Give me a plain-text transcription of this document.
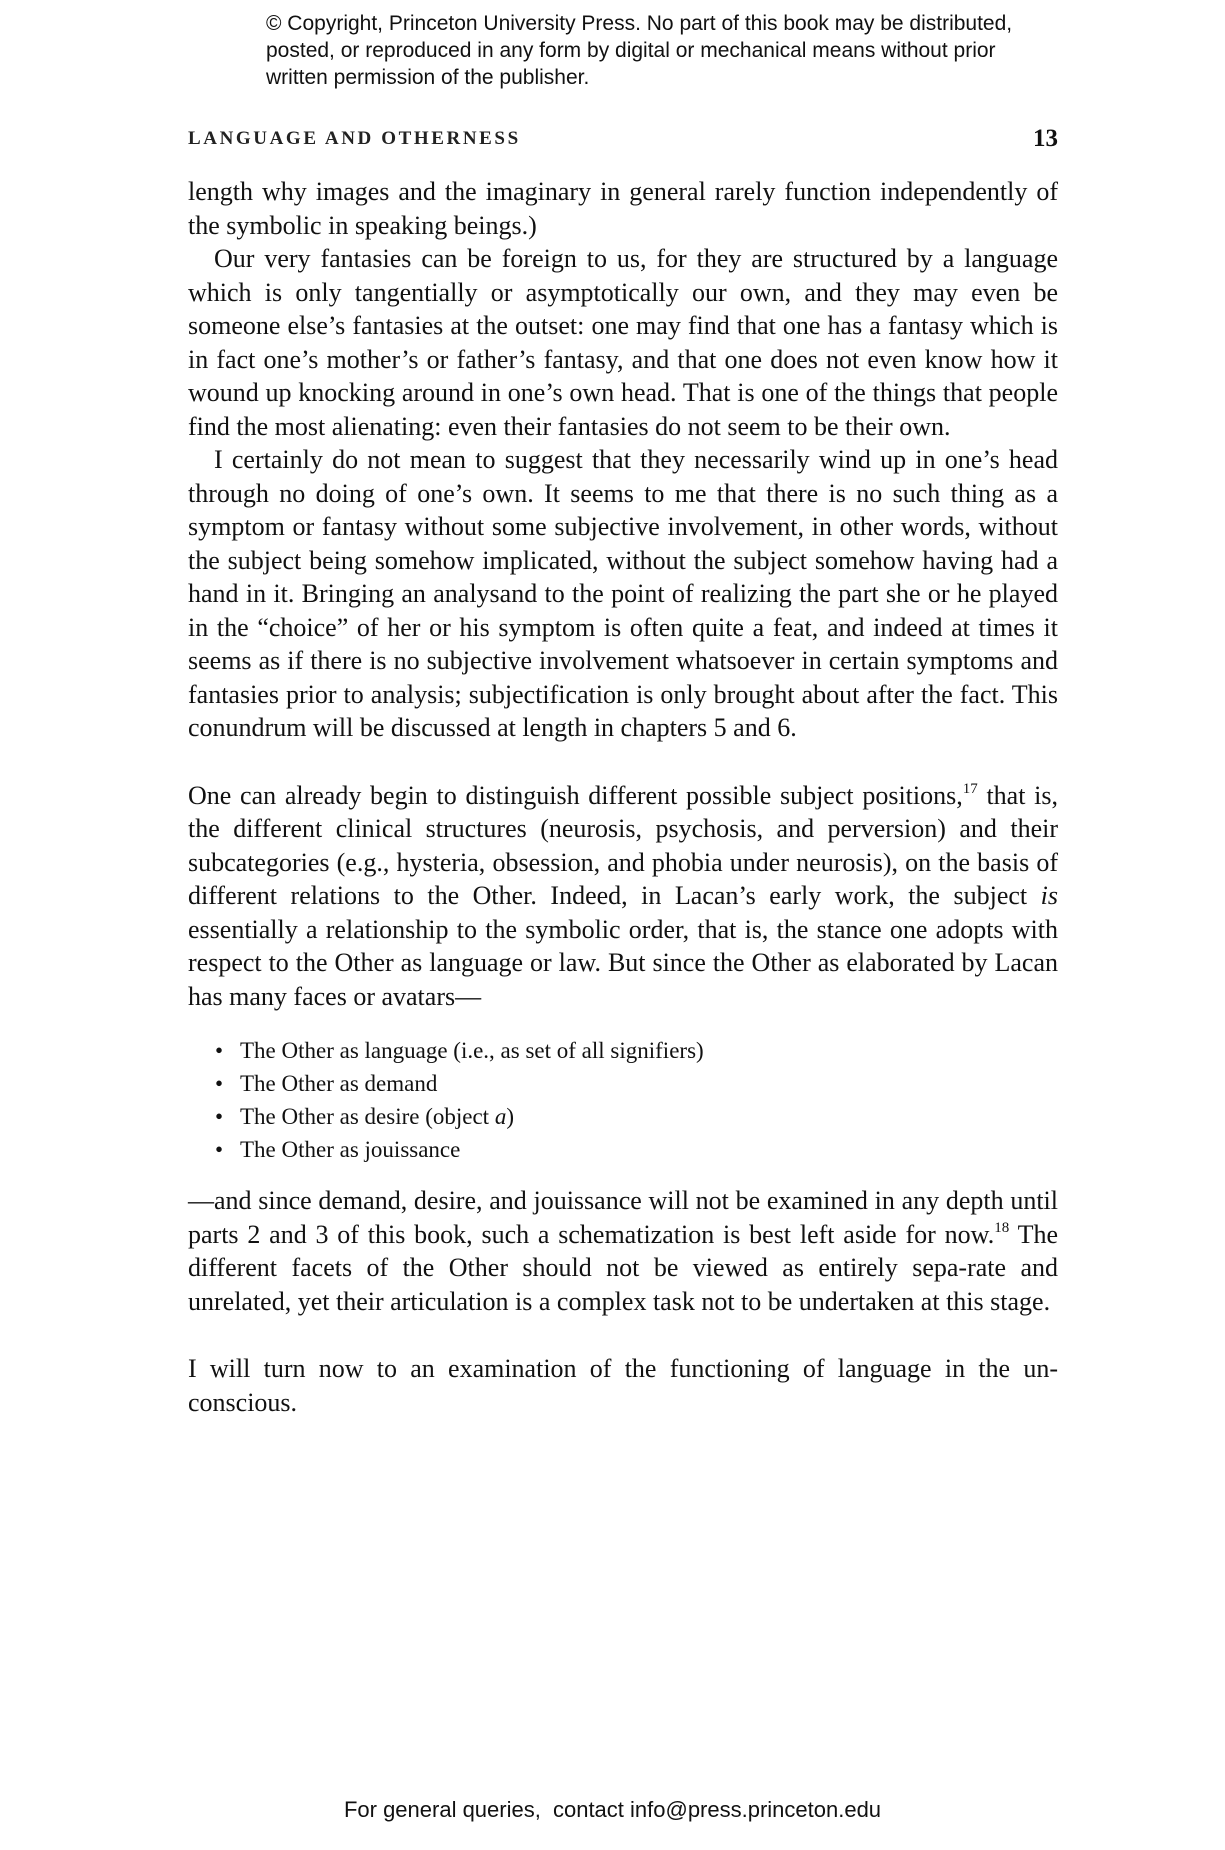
© Copyright, Princeton University Press. No part of this book may be distributed, posted, or reproduced in any form by digital or mechanical means without prior written permission of the publisher.
LANGUAGE AND OTHERNESS	13

length why images and the imaginary in general rarely function independently of the symbolic in speaking beings.)

Our very fantasies can be foreign to us, for they are structured by a language which is only tangentially or asymptotically our own, and they may even be someone else’s fantasies at the outset: one may find that one has a fantasy which is in fact one’s mother’s or father’s fantasy, and that one does not even know how it wound up knocking around in one’s own head. That is one of the things that people find the most alienating: even their fantasies do not seem to be their own.

I certainly do not mean to suggest that they necessarily wind up in one’s head through no doing of one’s own. It seems to me that there is no such thing as a symptom or fantasy without some subjective involvement, in other words, without the subject being somehow implicated, without the subject somehow having had a hand in it. Bringing an analysand to the point of realizing the part she or he played in the “choice” of her or his symptom is often quite a feat, and indeed at times it seems as if there is no subjective involvement whatsoever in certain symptoms and fantasies prior to analysis; subjectification is only brought about after the fact. This conundrum will be discussed at length in chapters 5 and 6.

One can already begin to distinguish different possible subject positions,$^{17}$ that is, the different clinical structures (neurosis, psychosis, and perversion) and their subcategories (e.g., hysteria, obsession, and phobia under neurosis), on the basis of different relations to the Other. Indeed, in Lacan’s early work, the subject is essentially a relationship to the symbolic order, that is, the stance one adopts with respect to the Other as language or law. But since the Other as elaborated by Lacan has many faces or avatars—

• The Other as language (i.e., as set of all signifiers)
• The Other as demand
• The Other as desire (object a)
• The Other as jouissance

—and since demand, desire, and jouissance will not be examined in any depth until parts 2 and 3 of this book, such a schematization is best left aside for now.$^{18}$ The different facets of the Other should not be viewed as entirely sepa-rate and unrelated, yet their articulation is a complex task not to be undertaken at this stage.

I will turn now to an examination of the functioning of language in the un-conscious.

For general queries, contact info@press.princeton.edu
